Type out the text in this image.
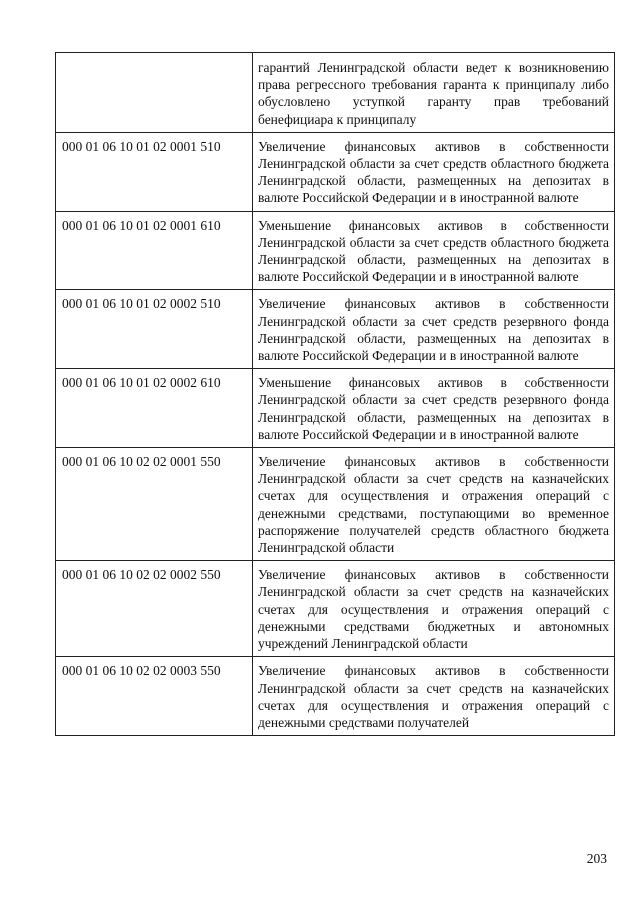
	гарантий Ленинградской области ведет к возникновению права регрессного требования гаранта к принципалу либо обусловлено уступкой гаранту прав требований бенефициара к принципалу
000 01 06 10 01 02 0001 510	Увеличение финансовых активов в собственности Ленинградской области за счет средств областного бюджета Ленинградской области, размещенных на депозитах в валюте Российской Федерации и в иностранной валюте
000 01 06 10 01 02 0001 610	Уменьшение финансовых активов в собственности Ленинградской области за счет средств областного бюджета Ленинградской области, размещенных на депозитах в валюте Российской Федерации и в иностранной валюте
000 01 06 10 01 02 0002 510	Увеличение финансовых активов в собственности Ленинградской области за счет средств резервного фонда Ленинградской области, размещенных на депозитах в валюте Российской Федерации и в иностранной валюте
000 01 06 10 01 02 0002 610	Уменьшение финансовых активов в собственности Ленинградской области за счет средств резервного фонда Ленинградской области, размещенных на депозитах в валюте Российской Федерации и в иностранной валюте
000 01 06 10 02 02 0001 550	Увеличение финансовых активов в собственности Ленинградской области за счет средств на казначейских счетах для осуществления и отражения операций с денежными средствами, поступающими во временное распоряжение получателей средств областного бюджета Ленинградской области
000 01 06 10 02 02 0002 550	Увеличение финансовых активов в собственности Ленинградской области за счет средств на казначейских счетах для осуществления и отражения операций с денежными средствами бюджетных и автономных учреждений Ленинградской области
000 01 06 10 02 02 0003 550	Увеличение финансовых активов в собственности Ленинградской области за счет средств на казначейских счетах для осуществления и отражения операций с денежными средствами получателей
203
